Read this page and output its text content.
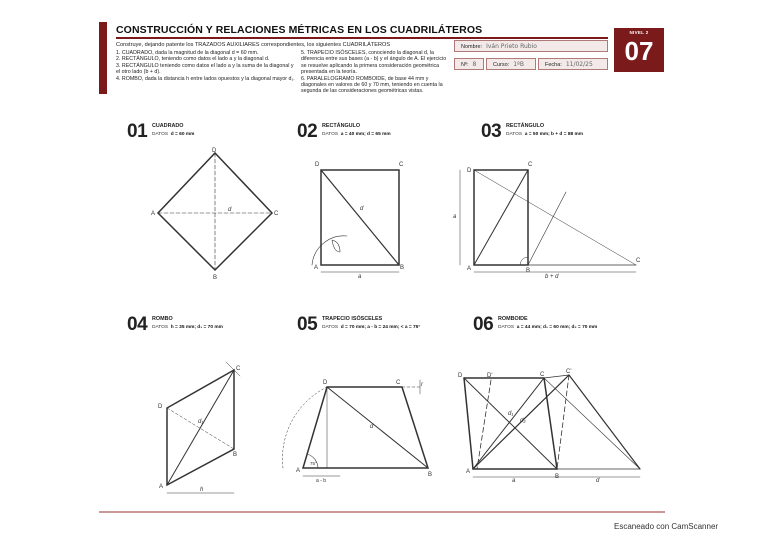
CONSTRUCCIÓN Y RELACIONES MÉTRICAS EN LOS CUADRILÁTEROS
Construye, dejando patente los TRAZADOS AUXILIARES correspondientes, los siguientes CUADRILÁTEROS
1. CUADRADO, dada la magnitud de la diagonal d = 60 mm.
2. RECTÁNGULO, teniendo como datos el lado a y la diagonal d.
3. RECTÁNGULO teniendo como datos el lado a y la suma de la diagonal y el otro lado (b + d).
4. ROMBO, dada la distancia h entre lados opuestos y la diagonal mayor d₁.
5. TRAPECIO ISÓSCELES, conociendo la diagonal d, la diferencia entre sus bases (a - b) y el ángulo de A. El ejercicio se resuelve aplicando la primera consideración geométrica presentada en la teoría.
6. PARALELOGRAMO ROMBOIDE, de base 44 mm y diagonales en valores de 60 y 70 mm, teniendo en cuenta la segunda de las consideraciones geométricas vistas.
Nombre: Iván Prieto Rubio
Nº: 8	Curso: 1ºB	Fecha: 11/02/25
NIVEL 2
07
01 CUADRADO
DATOS d = 60 mm	02 RECTÁNGULO
DATOS a = 40 mm; d = 65 mm	03 RECTÁNGULO
DATOS a = 50 mm; b + d = 88 mm
04 ROMBO
DATOS h = 35 mm; d₁ = 70 mm	05 TRAPECIO ISÓSCELES
DATOS d = 70 mm; a - b = 24 mm; < a = 75°	06 ROMBOIDE
DATOS a = 44 mm; d₁ = 60 mm; d₂ = 70 mm
D
A	C
B
d
D	C
A	B
d
a
D
C
A	B
C
a
b + d
D
C
B
A
d₁
h
D	C
A
B
d
a - b
75°
r
D	D'	C	C'
A
B
d₁
d₂
a	d
Escaneado con CamScanner
